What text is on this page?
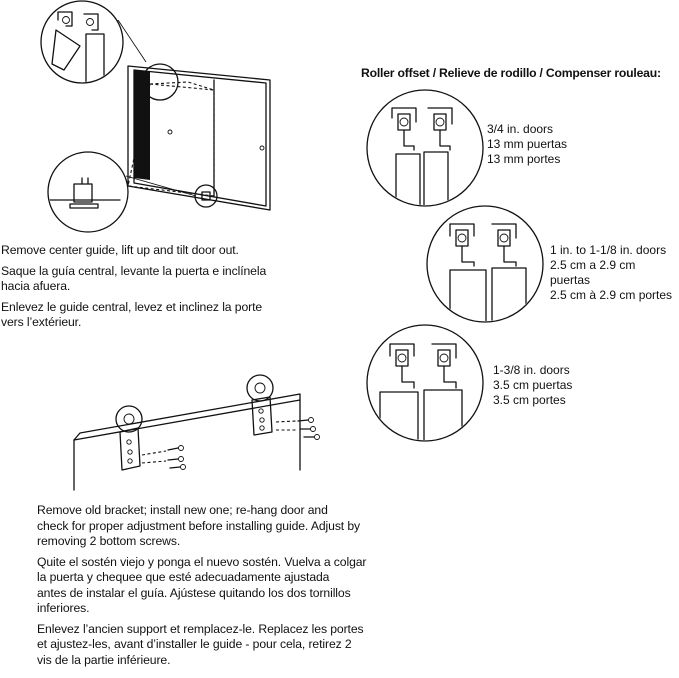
Roller offset / Relieve de rodillo / Compenser rouleau:
3/4 in. doors
13 mm puertas
13 mm portes
1 in. to 1-1/8 in. doors
2.5 cm a 2.9 cm puertas
2.5 cm à 2.9 cm portes
1-3/8 in. doors
3.5 cm puertas
3.5 cm portes

Remove center guide, lift up and tilt door out.

Saque la guía central, levante la puerta e inclínela
hacia afuera.

Enlevez le guide central, levez et inclinez la porte
vers l’extérieur.

Remove old bracket; install new one; re-hang door and
check for proper adjustment before installing guide. Adjust by
removing 2 bottom screws.

Quite el sostén viejo y ponga el nuevo sostén. Vuelva a colgar
la puerta y chequee que esté adecuadamente ajustada
antes de instalar el guía. Ajústese quitando los dos tornillos
inferiores.

Enlevez l’ancien support et remplacez-le. Replacez les portes
et ajustez-les, avant d’installer le guide - pour cela, retirez 2
vis de la partie inférieure.
